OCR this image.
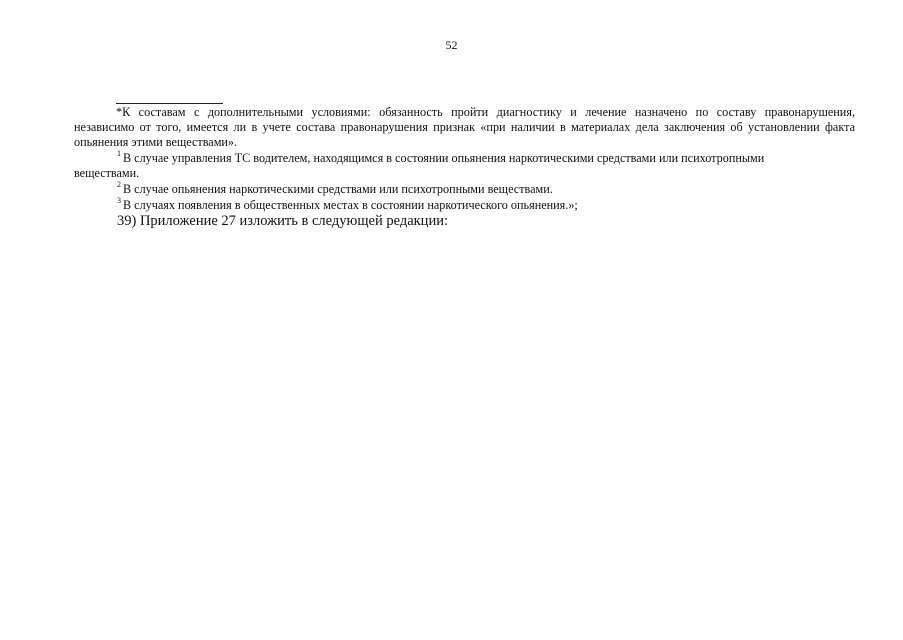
52

*К составам с дополнительными условиями: обязанность пройти диагностику и лечение назначено по составу правонарушения,

независимо от того, имеется ли в учете состава правонарушения признак «при наличии в материалах дела заключения об установлении факта

опьянения этими веществами».

$^1$ В случае управления ТС водителем, находящимся в состоянии опьянения наркотическими средствами или психотропными

веществами.

$^2$ В случае опьянения наркотическими средствами или психотропными веществами.

$^3$ В случаях появления в общественных местах в состоянии наркотического опьянения.»;

39) Приложение 27 изложить в следующей редакции:
